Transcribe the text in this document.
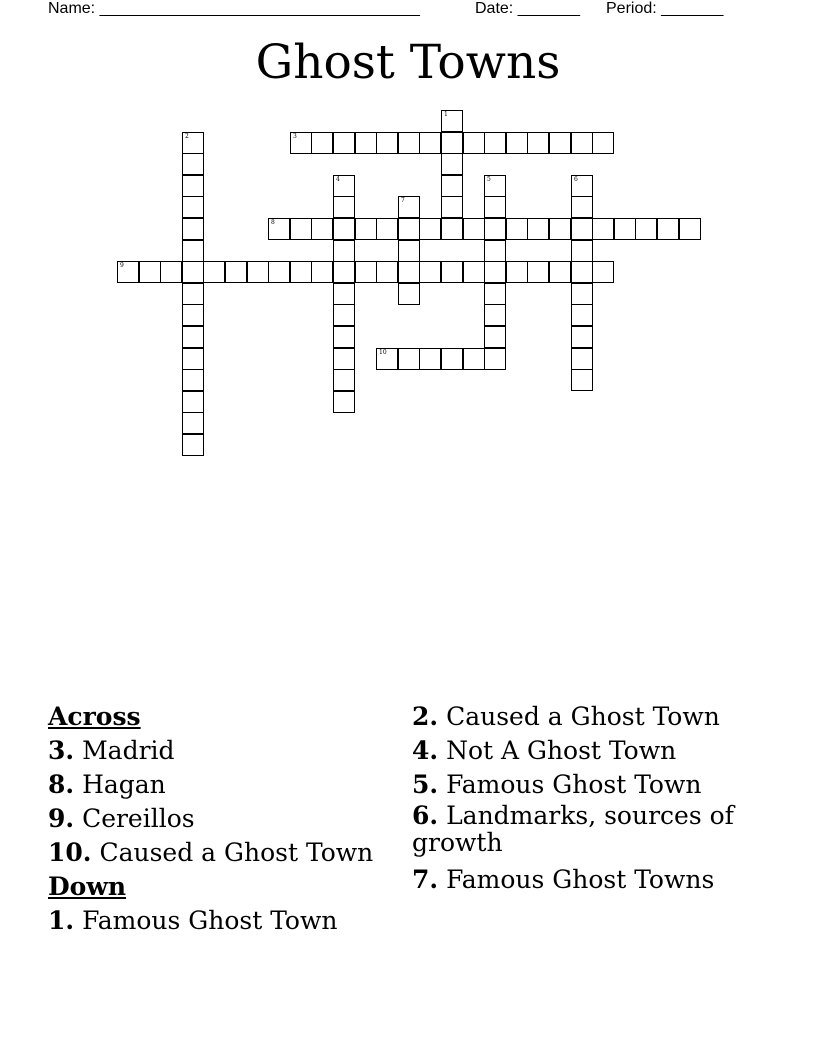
Name: ____________________________________	Date: _______ Period: _______
Ghost Towns
1
2	3
4	5	6
7
8
9
10
Across
3. Madrid
8. Hagan
9. Cereillos
10. Caused a Ghost Town
Down
1. Famous Ghost Town
2. Caused a Ghost Town
4. Not A Ghost Town
5. Famous Ghost Town
6. Landmarks, sources of growth
7. Famous Ghost Towns
